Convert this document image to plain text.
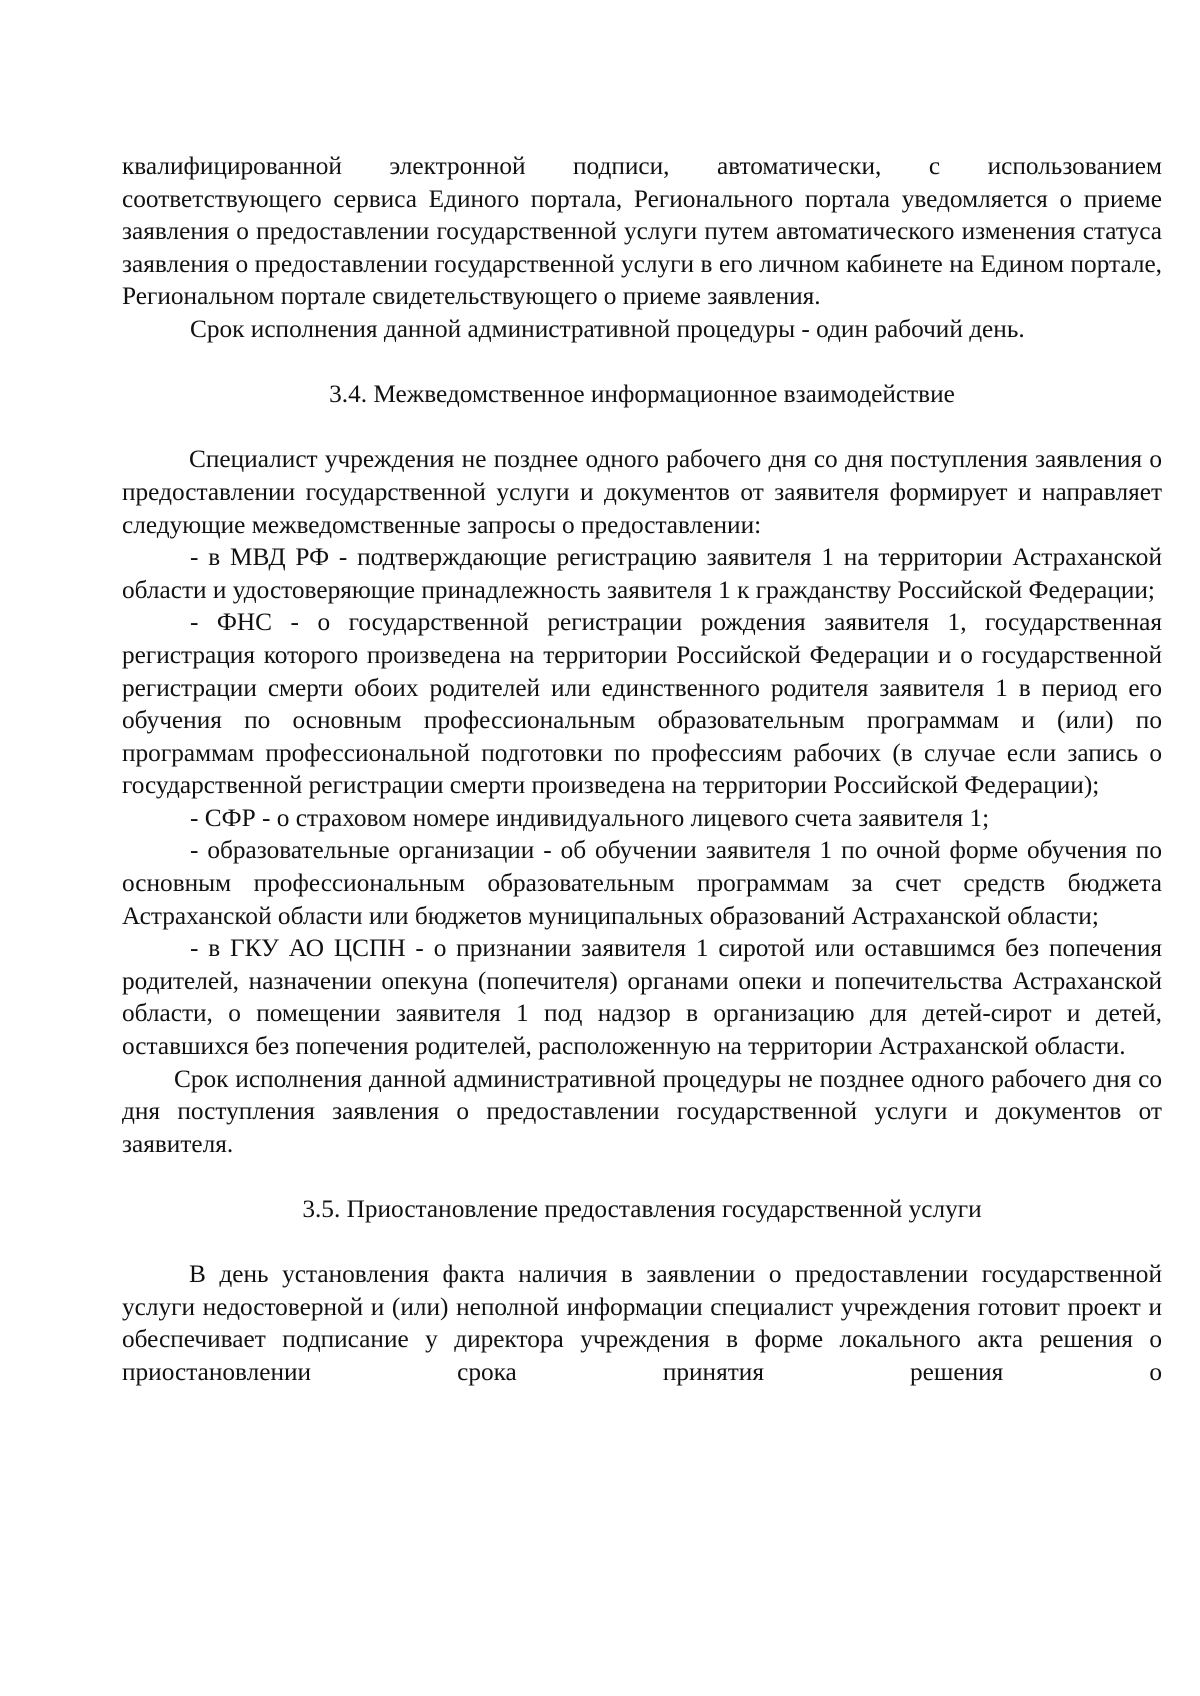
квалифицированной электронной подписи, автоматически, с использованием соответствующего сервиса Единого портала, Регионального портала уведомляется о приеме заявления о предоставлении государственной услуги путем автоматического изменения статуса заявления о предоставлении государственной услуги в его личном кабинете на Едином портале, Региональном портале свидетельствующего о приеме заявления.

Срок исполнения данной административной процедуры - один рабочий день.

3.4. Межведомственное информационное взаимодействие

Специалист учреждения не позднее одного рабочего дня со дня поступления заявления о предоставлении государственной услуги и документов от заявителя формирует и направляет следующие межведомственные запросы о предоставлении:

- в МВД РФ - подтверждающие регистрацию заявителя 1 на территории Астраханской области и удостоверяющие принадлежность заявителя 1 к гражданству Российской Федерации;

- ФНС - о государственной регистрации рождения заявителя 1, государственная регистрация которого произведена на территории Российской Федерации и о государственной регистрации смерти обоих родителей или единственного родителя заявителя 1 в период его обучения по основным профессиональным образовательным программам и (или) по программам профессиональной подготовки по профессиям рабочих (в случае если запись о государственной регистрации смерти произведена на территории Российской Федерации);

- СФР - о страховом номере индивидуального лицевого счета заявителя 1;

- образовательные организации - об обучении заявителя 1 по очной форме обучения по основным профессиональным образовательным программам за счет средств бюджета Астраханской области или бюджетов муниципальных образований Астраханской области;

- в ГКУ АО ЦСПН - о признании заявителя 1 сиротой или оставшимся без попечения родителей, назначении опекуна (попечителя) органами опеки и попечительства Астраханской области, о помещении заявителя 1 под надзор в организацию для детей-сирот и детей, оставшихся без попечения родителей, расположенную на территории Астраханской области.

Срок исполнения данной административной процедуры не позднее одного рабочего дня со дня поступления заявления о предоставлении государственной услуги и документов от заявителя.

3.5. Приостановление предоставления государственной услуги

В день установления факта наличия в заявлении о предоставлении государственной услуги недостоверной и (или) неполной информации специалист учреждения готовит проект и обеспечивает подписание у директора учреждения в форме локального акта решения о приостановлении срока принятия решения о
